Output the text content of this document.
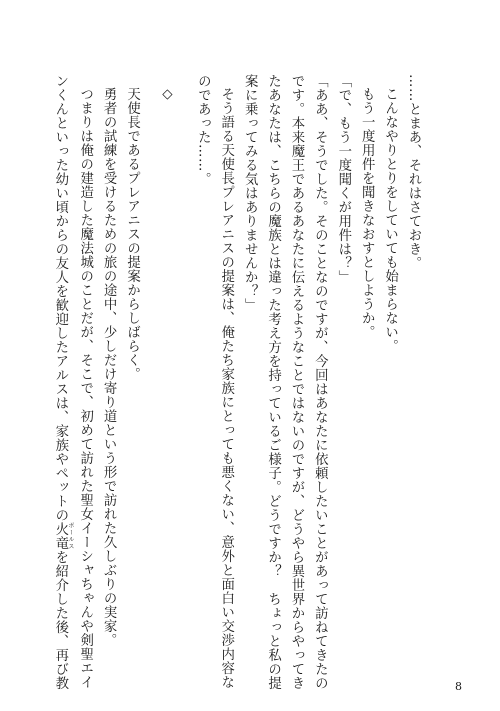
……とまあ、それはさておき。
こんなやりとりをしていても始まらない。
もう一度用件を聞きなおすとしようか。
「で、もう一度聞くが用件は？」
「ああ、そうでした。そのことなのですが、今回はあなたに依頼したいことがあって訪ねてきたの
です。本来魔王であるあなたに伝えるようなことではないのですが、どうやら異世界からやってき
たあなたは、こちらの魔族とは違った考え方を持っているご様子。どうですか？　ちょっと私の提
案に乗ってみる気はありませんか？」
そう語る天使長プレアニスの提案は、俺たち家族にとっても悪くない、意外と面白い交渉内容な
のであった……。
◇
天使長であるプレアニスの提案からしばらく。
勇者の試練を受けるための旅の途中、少しだけ寄り道という形で訪れた久しぶりの実家。
つまりは俺の建造した魔法城のことだが、そこで、初めて訪れた聖女イーシャちゃんや剣聖エイ
ンくんといった幼い頃からの友人を歓迎したアルスは、家族やペットの火竜 ボールスを紹介した後、再び教	8
